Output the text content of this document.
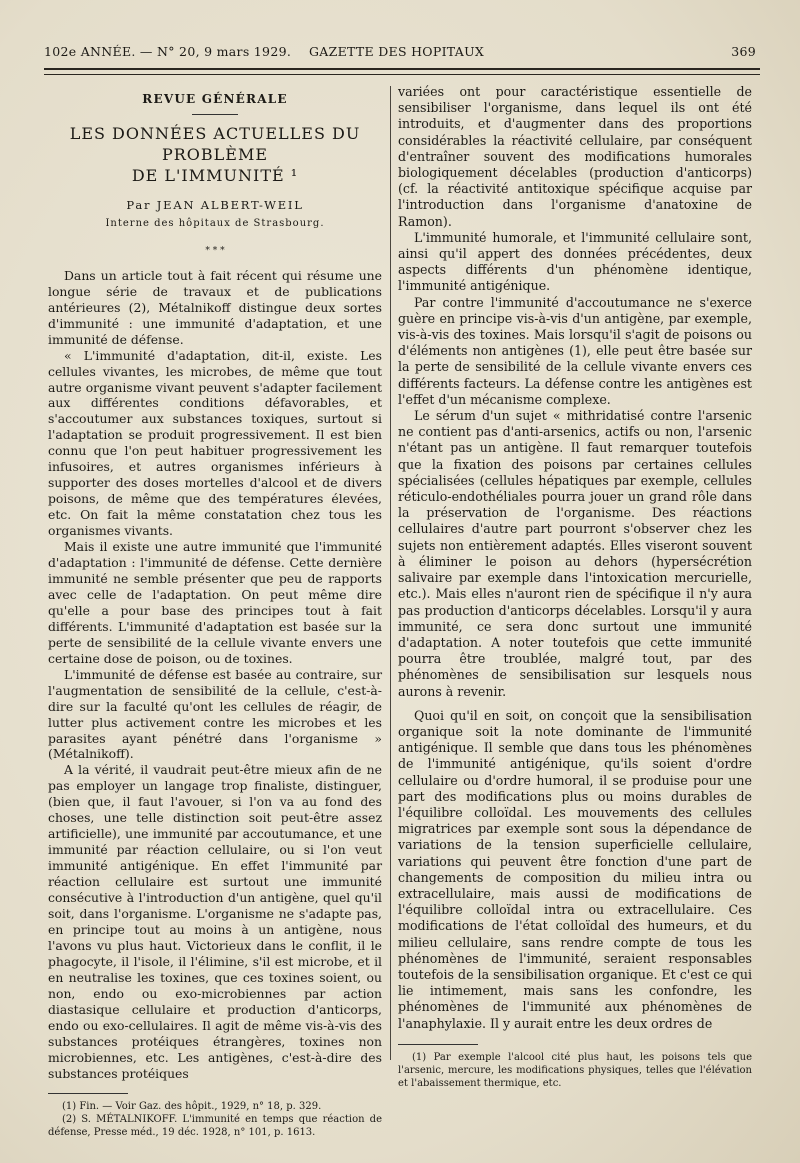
102e ANNÉE. — N° 20, 9 mars 1929. GAZETTE DES HOPITAUX	369
REVUE GÉNÉRALE
LES DONNÉES ACTUELLES DU PROBLÈME
DE L'IMMUNITÉ ¹
Par JEAN ALBERT-WEIL
Interne des hôpitaux de Strasbourg.
* * *

Dans un article tout à fait récent qui résume une longue série de travaux et de publications antérieures (2), Métalnikoff distingue deux sortes d'immunité : une immunité d'adaptation, et une immunité de défense.

« L'immunité d'adaptation, dit-il, existe. Les cellules vivantes, les microbes, de même que tout autre organisme vivant peuvent s'adapter facilement aux différentes conditions défavorables, et s'accoutumer aux substances toxiques, surtout si l'adaptation se produit progressivement. Il est bien connu que l'on peut habituer progressivement les infusoires, et autres organismes inférieurs à supporter des doses mortelles d'alcool et de divers poisons, de même que des températures élevées, etc. On fait la même constatation chez tous les organismes vivants.

Mais il existe une autre immunité que l'immunité d'adaptation : l'immunité de défense. Cette dernière immunité ne semble présenter que peu de rapports avec celle de l'adaptation. On peut même dire qu'elle a pour base des principes tout à fait différents. L'immunité d'adaptation est basée sur la perte de sensibilité de la cellule vivante envers une certaine dose de poison, ou de toxines.

L'immunité de défense est basée au contraire, sur l'augmentation de sensibilité de la cellule, c'est-à-dire sur la faculté qu'ont les cellules de réagir, de lutter plus activement contre les microbes et les parasites ayant pénétré dans l'organisme » (Métalnikoff).

A la vérité, il vaudrait peut-être mieux afin de ne pas employer un langage trop finaliste, distinguer, (bien que, il faut l'avouer, si l'on va au fond des choses, une telle distinction soit peut-être assez artificielle), une immunité par accoutumance, et une immunité par réaction cellulaire, ou si l'on veut immunité antigénique. En effet l'immunité par réaction cellulaire est surtout une immunité consécutive à l'introduction d'un antigène, quel qu'il soit, dans l'organisme. L'organisme ne s'adapte pas, en principe tout au moins à un antigène, nous l'avons vu plus haut. Victorieux dans le conflit, il le phagocyte, il l'isole, il l'élimine, s'il est microbe, et il en neutralise les toxines, que ces toxines soient, ou non, endo ou exo-microbiennes par action diastasique cellulaire et production d'anticorps, endo ou exo-cellulaires. Il agit de même vis-à-vis des substances protéiques étrangères, toxines non microbiennes, etc. Les antigènes, c'est-à-dire des substances protéiques

(1) Fin. — Voir Gaz. des hôpit., 1929, n° 18, p. 329.

(2) S. MÉTALNIKOFF. L'immunité en temps que réaction de défense, Presse méd., 19 déc. 1928, n° 101, p. 1613.

variées ont pour caractéristique essentielle de sensibiliser l'organisme, dans lequel ils ont été introduits, et d'augmenter dans des proportions considérables la réactivité cellulaire, par conséquent d'entraîner souvent des modifications humorales biologiquement décelables (production d'anticorps) (cf. la réactivité antitoxique spécifique acquise par l'introduction dans l'organisme d'anatoxine de Ramon).

L'immunité humorale, et l'immunité cellulaire sont, ainsi qu'il appert des données précédentes, deux aspects différents d'un phénomène identique, l'immunité antigénique.

Par contre l'immunité d'accoutumance ne s'exerce guère en principe vis-à-vis d'un antigène, par exemple, vis-à-vis des toxines. Mais lorsqu'il s'agit de poisons ou d'éléments non antigènes (1), elle peut être basée sur la perte de sensibilité de la cellule vivante envers ces différents facteurs. La défense contre les antigènes est l'effet d'un mécanisme complexe.

Le sérum d'un sujet « mithridatisé contre l'arsenic ne contient pas d'anti-arsenics, actifs ou non, l'arsenic n'étant pas un antigène. Il faut remarquer toutefois que la fixation des poisons par certaines cellules spécialisées (cellules hépatiques par exemple, cellules réticulo-endothéliales pourra jouer un grand rôle dans la préservation de l'organisme. Des réactions cellulaires d'autre part pourront s'observer chez les sujets non entièrement adaptés. Elles viseront souvent à éliminer le poison au dehors (hypersécrétion salivaire par exemple dans l'intoxication mercurielle, etc.). Mais elles n'auront rien de spécifique il n'y aura pas production d'anticorps décelables. Lorsqu'il y aura immunité, ce sera donc surtout une immunité d'adaptation. A noter toutefois que cette immunité pourra être troublée, malgré tout, par des phénomènes de sensibilisation sur lesquels nous aurons à revenir.

Quoi qu'il en soit, on conçoit que la sensibilisation organique soit la note dominante de l'immunité antigénique. Il semble que dans tous les phénomènes de l'immunité antigénique, qu'ils soient d'ordre cellulaire ou d'ordre humoral, il se produise pour une part des modifications plus ou moins durables de l'équilibre colloïdal. Les mouvements des cellules migratrices par exemple sont sous la dépendance de variations de la tension superficielle cellulaire, variations qui peuvent être fonction d'une part de changements de composition du milieu intra ou extracellulaire, mais aussi de modifications de l'équilibre colloïdal intra ou extracellulaire. Ces modifications de l'état colloïdal des humeurs, et du milieu cellulaire, sans rendre compte de tous les phénomènes de l'immunité, seraient responsables toutefois de la sensibilisation organique. Et c'est ce qui lie intimement, mais sans les confondre, les phénomènes de l'immunité aux phénomènes de l'anaphylaxie. Il y aurait entre les deux ordres de

(1) Par exemple l'alcool cité plus haut, les poisons tels que l'arsenic, mercure, les modifications physiques, telles que l'élévation et l'abaissement thermique, etc.
